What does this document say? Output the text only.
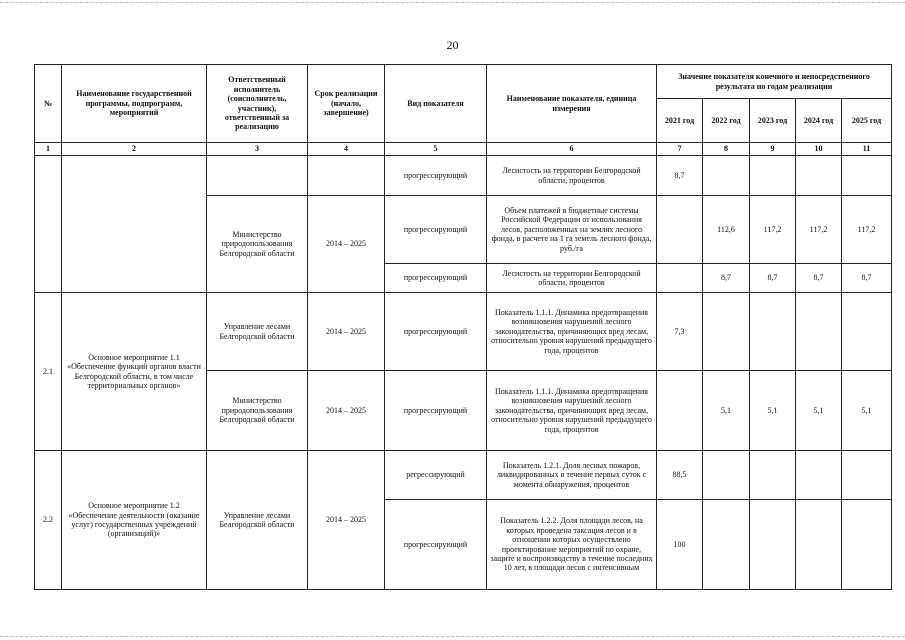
20
№	Наименование государственной программы, подпрограмм, мероприятий	Ответственный исполнитель (соисполнитель, участник), ответственный за реализацию	Срок реализации (начало, завершение)	Вид показателя	Наименование показателя, единица измерения	Значение показателя конечного и непосредственного результата по годам реализации				
						2021 год	2022 год	2023 год	2024 год	2025 год
1	2	3	4	5	6	7	8	9	10	11
				прогрессирующий	Лесистость на территории Белгородской области, процентов	8,7				
		Министерство природопользования Белгородской области	2014 – 2025	прогрессирующий	Объем платежей в бюджетные системы Российской Федерации от использования лесов, расположенных на землях лесного фонда, в расчете на 1 га земель лесного фонда, руб./га		112,6	117,2	117,2	117,2
				прогрессирующий	Лесистость на территории Белгородской области, процентов		8,7	8,7	8,7	8,7
2.1	Основное мероприятие 1.1 «Обеспечение функций органов власти Белгородской области, в том числе территориальных органов»	Управление лесами Белгородской области	2014 – 2025	прогрессирующий	Показатель 1.1.1. Динамика предотвращения возникновения нарушений лесного законодательства, причиняющих вред лесам, относительно уровня нарушений предыдущего года, процентов	7,3				
		Министерство природопользования Белгородской области	2014 – 2025	прогрессирующий	Показатель 1.1.1. Динамика предотвращения возникновения нарушений лесного законодательства, причиняющих вред лесам, относительно уровня нарушений предыдущего года, процентов		5,1	5,1	5,1	5,1
2.2	Основное мероприятие 1.2 «Обеспечение деятельности (оказание услуг) государственных учреждений (организаций)»	Управление лесами Белгородской области	2014 – 2025	регрессирующий	Показатель 1.2.1. Доля лесных пожаров, ликвидированных в течение первых суток с момента обнаружения, процентов	88,5				
				прогрессирующий	Показатель 1.2.2. Доля площади лесов, на которых проведена таксация лесов и в отношении которых осуществлено проектирование мероприятий по охране, защите и воспроизводству в течение последних 10 лет, в площади лесов с интенсивным	100				
